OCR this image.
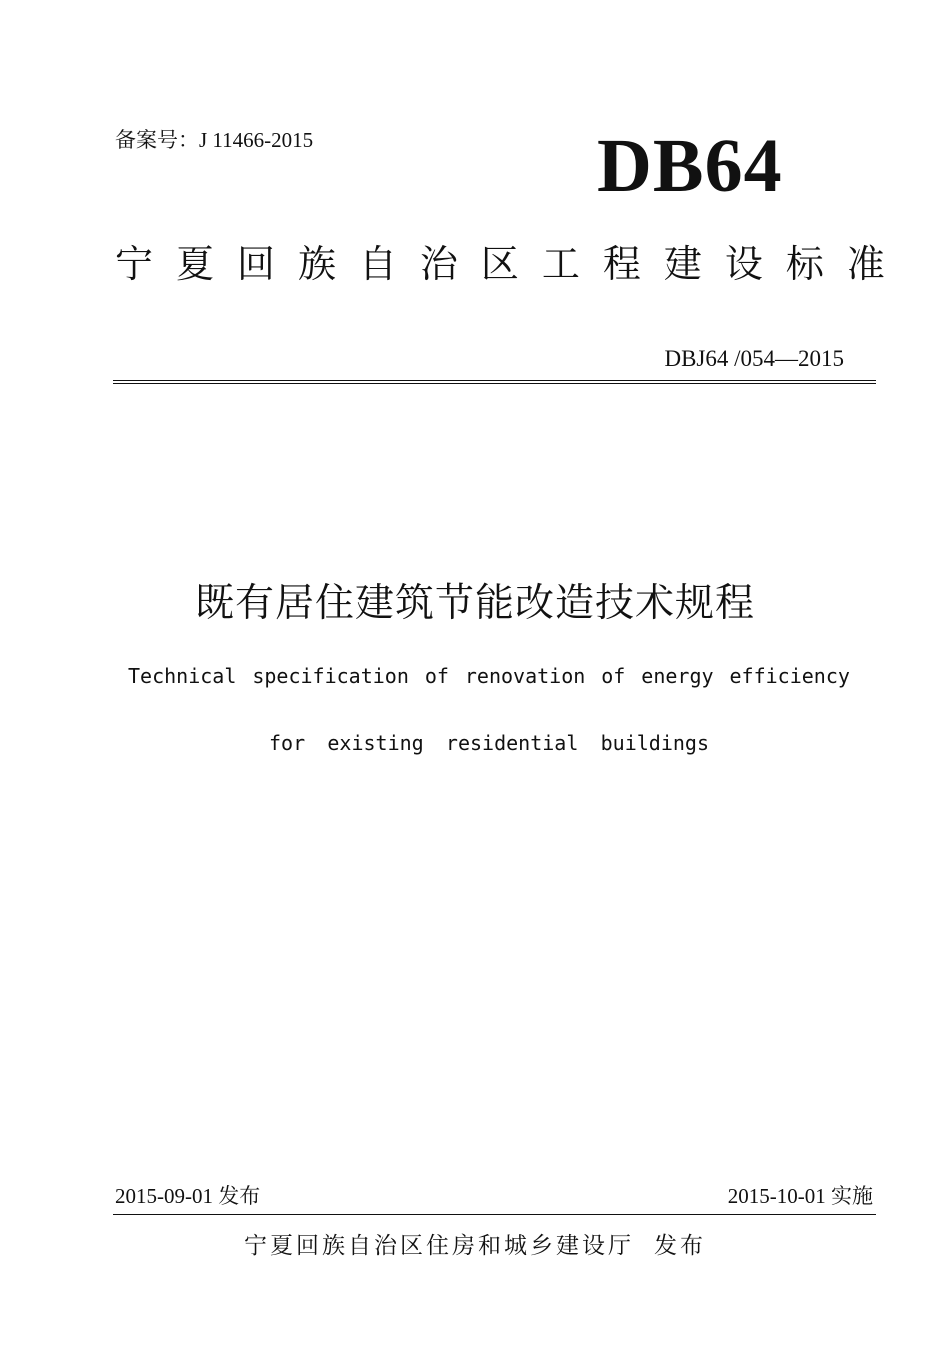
备案号：J 11466-2015	DB64
宁 夏 回 族 自 治 区 工 程 建 设 标 准
DBJ64 /054—2015
既有居住建筑节能改造技术规程
Technical specification of renovation of energy efficiency
for existing residential buildings
2015-09-01 发布	2015-10-01 实施
宁夏回族自治区住房和城乡建设厅 发布
